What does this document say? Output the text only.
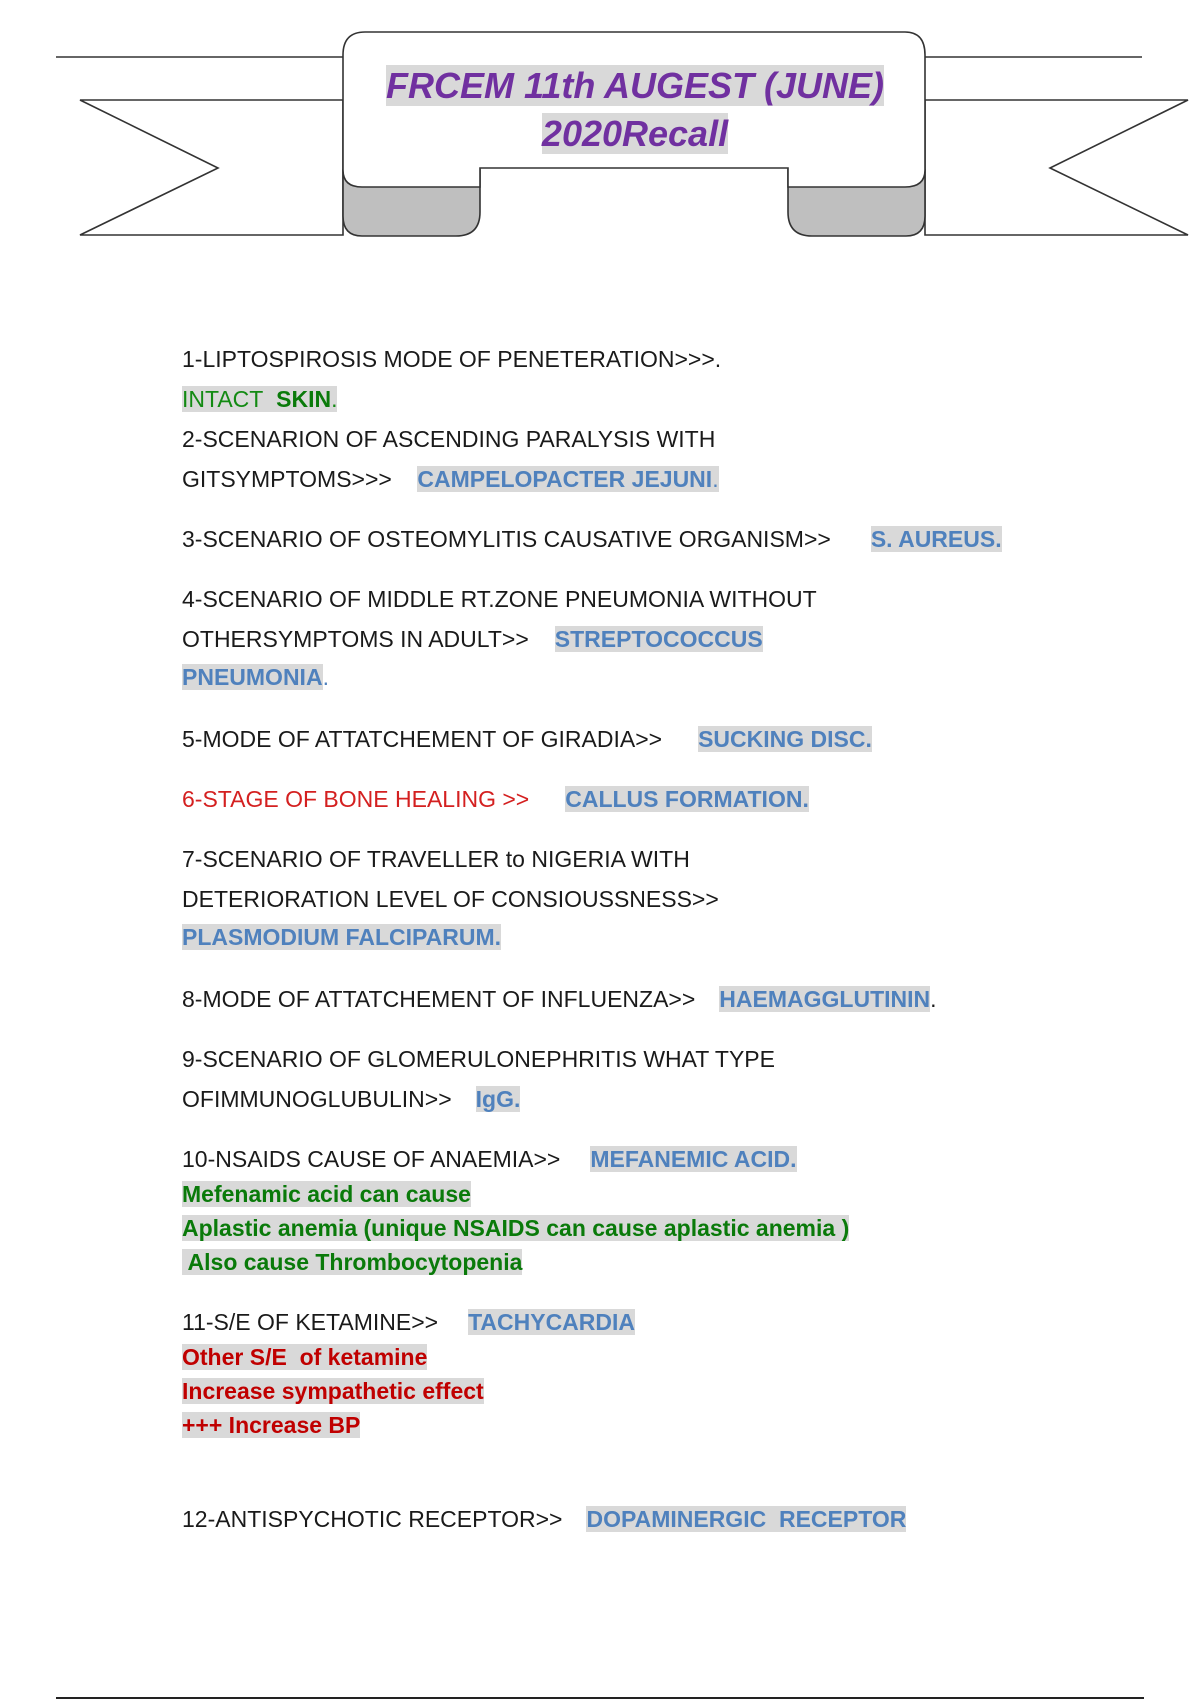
FRCEM 11th AUGEST (JUNE)
2020Recall
1-LIPTOSPIROSIS MODE OF PENETERATION>>>.
INTACT SKIN.
2-SCENARION OF ASCENDING PARALYSIS WITH
GITSYMPTOMS>>> CAMPELOPACTER JEJUNI.
3-SCENARIO OF OSTEOMYLITIS CAUSATIVE ORGANISM>> S. AUREUS.
4-SCENARIO OF MIDDLE RT.ZONE PNEUMONIA WITHOUT
OTHERSYMPTOMS IN ADULT>> STREPTOCOCCUS
PNEUMONIA.
5-MODE OF ATTATCHEMENT OF GIRADIA>> SUCKING DISC.
6-STAGE OF BONE HEALING >> CALLUS FORMATION.
7-SCENARIO OF TRAVELLER to NIGERIA WITH
DETERIORATION LEVEL OF CONSIOUSSNESS>>
PLASMODIUM FALCIPARUM.
8-MODE OF ATTATCHEMENT OF INFLUENZA>> HAEMAGGLUTININ.
9-SCENARIO OF GLOMERULONEPHRITIS WHAT TYPE
OFIMMUNOGLUBULIN>> IgG.
10-NSAIDS CAUSE OF ANAEMIA>> MEFANEMIC ACID.
Mefenamic acid can cause
Aplastic anemia (unique NSAIDS can cause aplastic anemia )
Also cause Thrombocytopenia
11-S/E OF KETAMINE>> TACHYCARDIA
Other S/E  of ketamine
Increase sympathetic effect
+++ Increase BP
12-ANTISPYCHOTIC RECEPTOR>> DOPAMINERGIC  RECEPTOR
